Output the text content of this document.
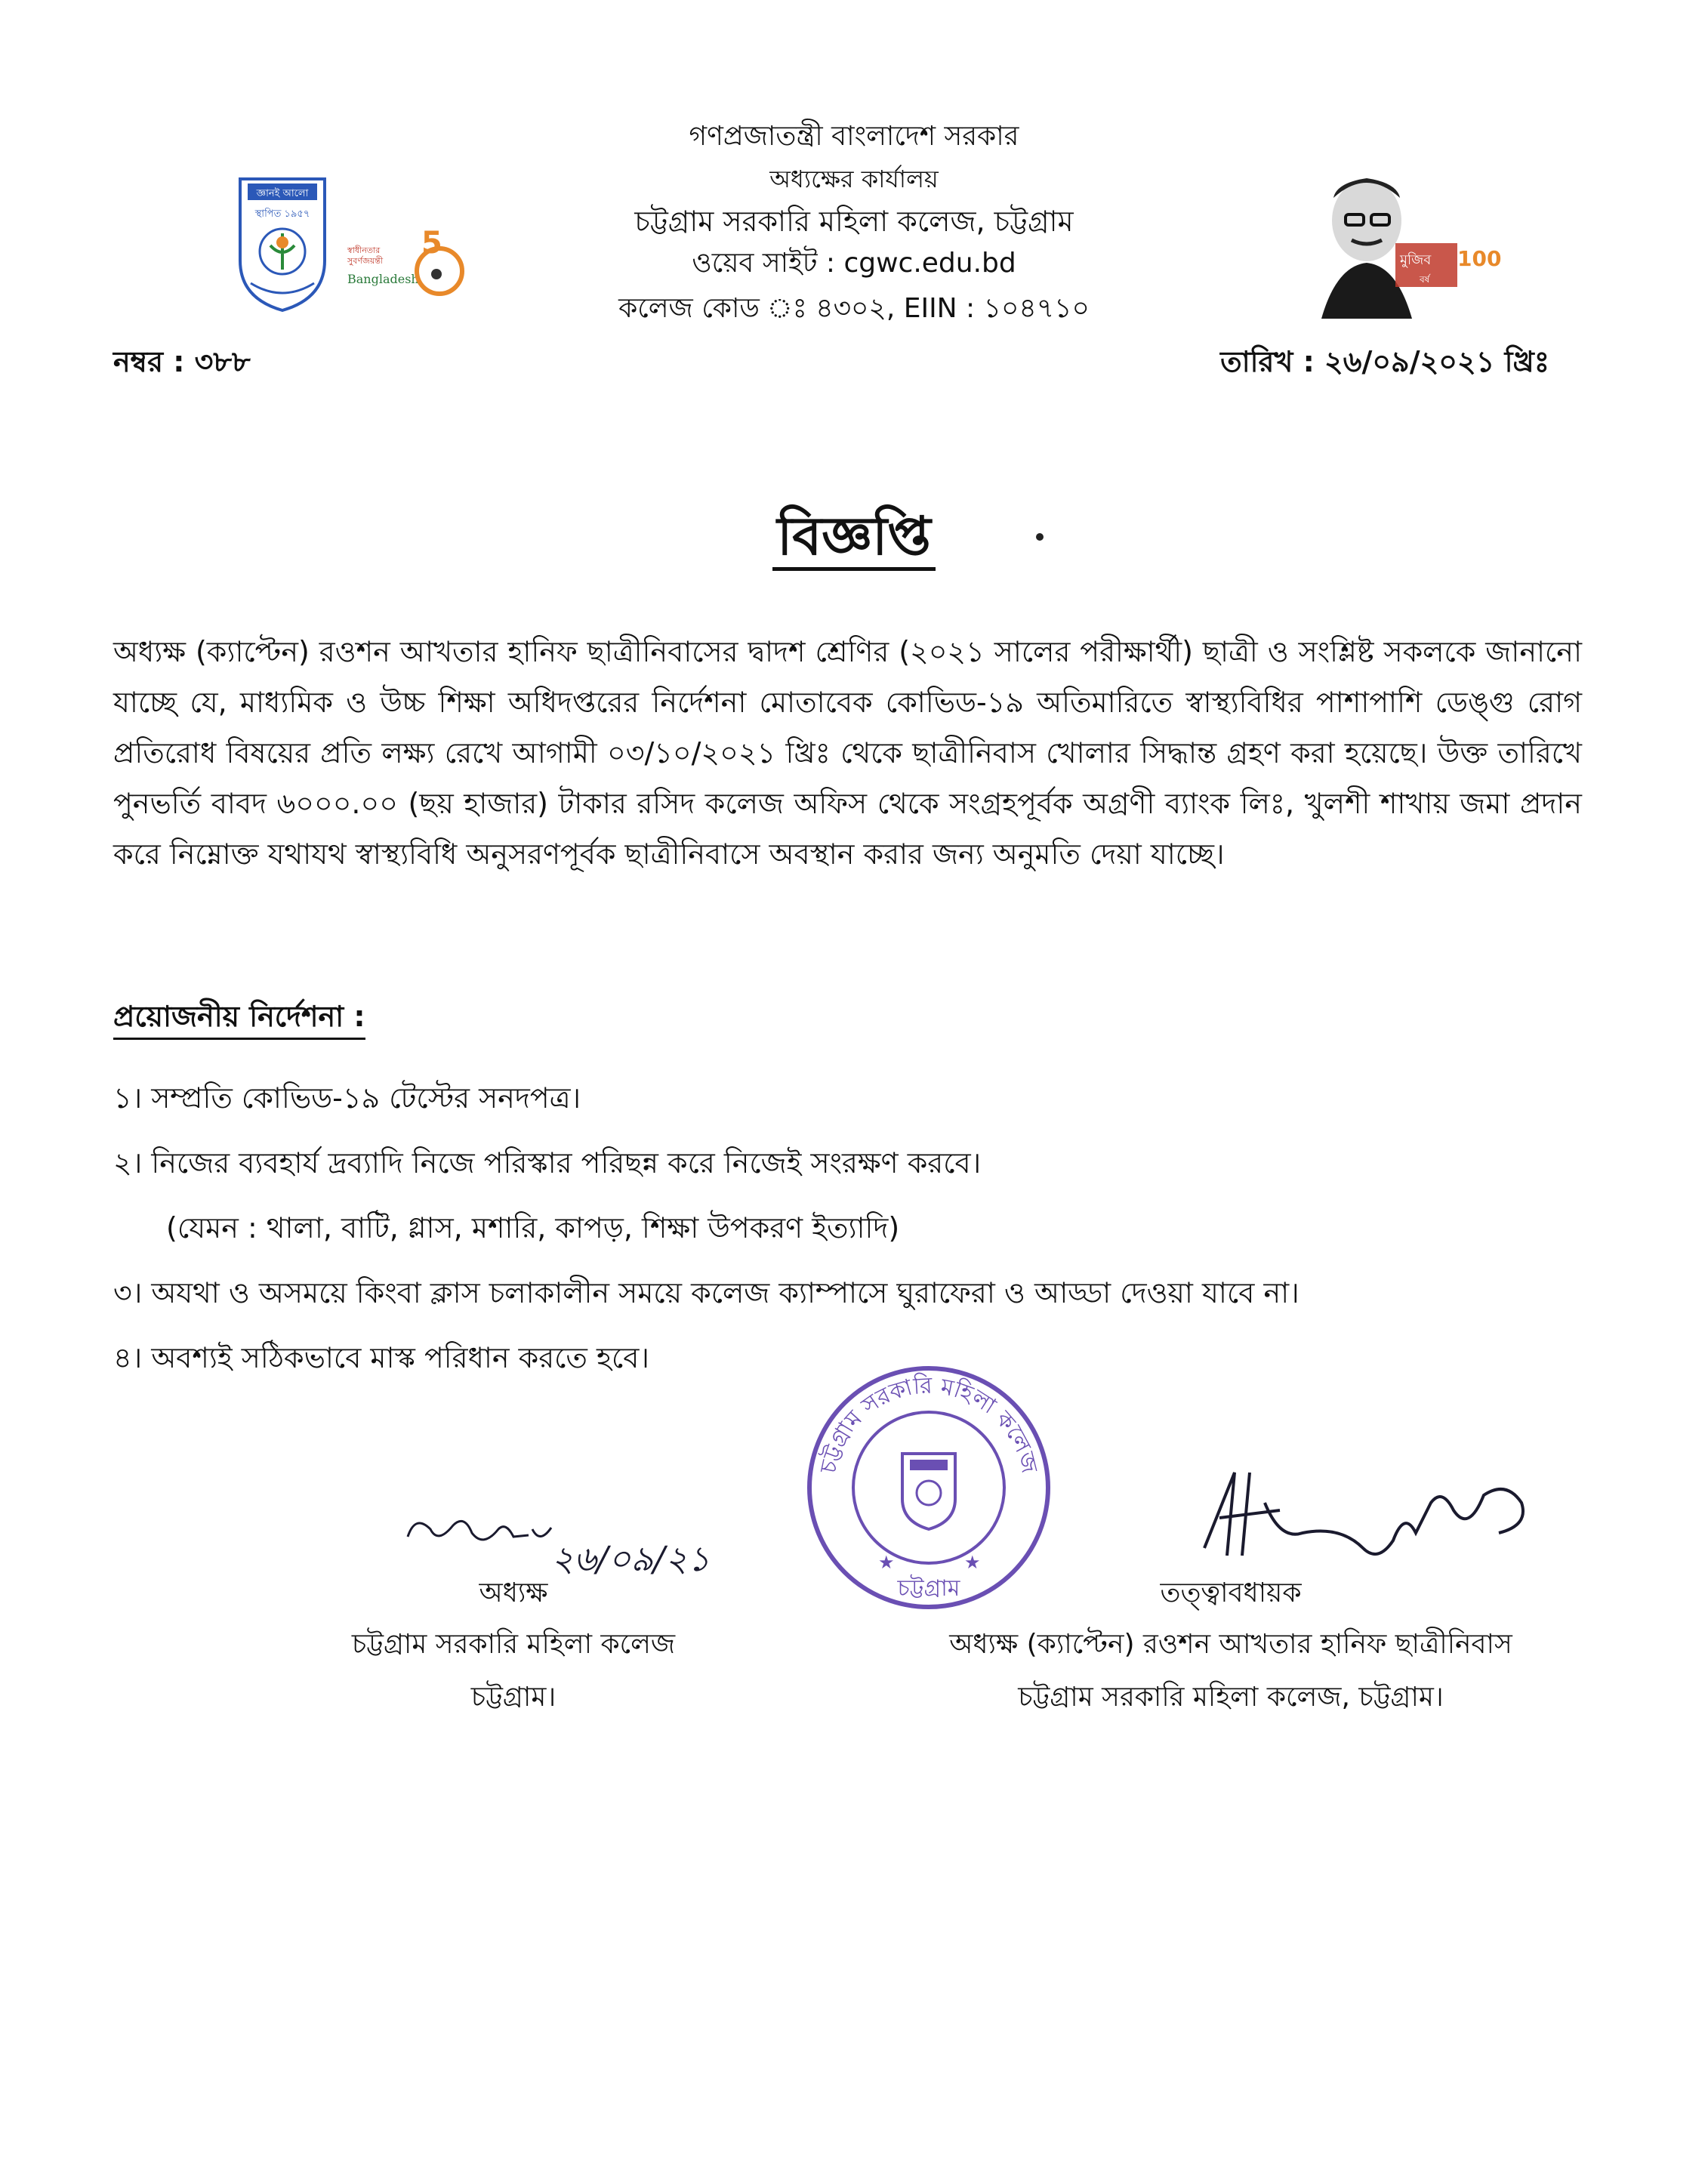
জ্ঞানই আলো
স্থাপিত ১৯৫৭
স্বাধীনতার
সুবর্ণজয়ন্তী
Bangladesh
5
গণপ্রজাতন্ত্রী বাংলাদেশ সরকার
অধ্যক্ষের কার্যালয়
চট্টগ্রাম সরকারি মহিলা কলেজ, চট্টগ্রাম
ওয়েব সাইট : cgwc.edu.bd
কলেজ কোড ঃ ৪৩০২, EIIN : ১০৪৭১০
মুজিব 100
বর্ষ
নম্বর : ৩৮৮	তারিখ : ২৬/০৯/২০২১ খ্রিঃ
বিজ্ঞপ্তি
অধ্যক্ষ (ক্যাপ্টেন) রওশন আখতার হানিফ ছাত্রীনিবাসের দ্বাদশ শ্রেণির (২০২১ সালের পরীক্ষার্থী) ছাত্রী ও সংশ্লিষ্ট সকলকে জানানো যাচ্ছে যে, মাধ্যমিক ও উচ্চ শিক্ষা অধিদপ্তরের নির্দেশনা মোতাবেক কোভিড-১৯ অতিমারিতে স্বাস্থ্যবিধির পাশাপাশি ডেঙ্গু রোগ প্রতিরোধ বিষয়ের প্রতি লক্ষ্য রেখে আগামী ০৩/১০/২০২১ খ্রিঃ থেকে ছাত্রীনিবাস খোলার সিদ্ধান্ত গ্রহণ করা হয়েছে। উক্ত তারিখে পুনভর্তি বাবদ ৬০০০.০০ (ছয় হাজার) টাকার রসিদ কলেজ অফিস থেকে সংগ্রহপূর্বক অগ্রণী ব্যাংক লিঃ, খুলশী শাখায় জমা প্রদান করে নিম্নোক্ত যথাযথ স্বাস্থ্যবিধি অনুসরণপূর্বক ছাত্রীনিবাসে অবস্থান করার জন্য অনুমতি দেয়া যাচ্ছে।
প্রয়োজনীয় নির্দেশনা :
১। সম্প্রতি কোভিড-১৯ টেস্টের সনদপত্র।
২। নিজের ব্যবহার্য দ্রব্যাদি নিজে পরিস্কার পরিছন্ন করে নিজেই সংরক্ষণ করবে।
(যেমন : থালা, বাটি, গ্লাস, মশারি, কাপড়, শিক্ষা উপকরণ ইত্যাদি)
৩। অযথা ও অসময়ে কিংবা ক্লাস চলাকালীন সময়ে কলেজ ক্যাম্পাসে ঘুরাফেরা ও আড্ডা দেওয়া যাবে না।
৪। অবশ্যই সঠিকভাবে মাস্ক পরিধান করতে হবে।
চট্টগ্রাম সরকারি মহিলা কলেজ
★	★
চট্টগ্রাম
২৬/০৯/২১
অধ্যক্ষ
চট্টগ্রাম সরকারি মহিলা কলেজ
চট্টগ্রাম।
তত্ত্বাবধায়ক
অধ্যক্ষ (ক্যাপ্টেন) রওশন আখতার হানিফ ছাত্রীনিবাস
চট্টগ্রাম সরকারি মহিলা কলেজ, চট্টগ্রাম।
